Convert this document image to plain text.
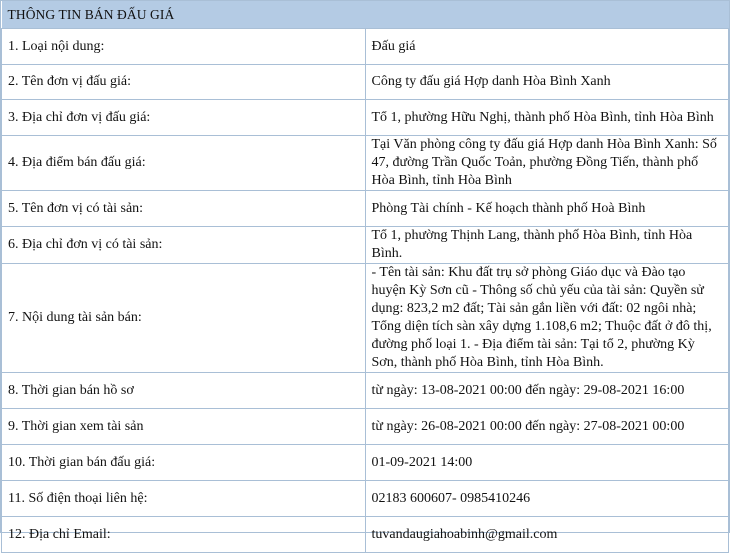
THÔNG TIN BÁN ĐẤU GIÁ	
1. Loại nội dung:	Đấu giá
2. Tên đơn vị đấu giá:	Công ty đấu giá Hợp danh Hòa Bình Xanh
3. Địa chỉ đơn vị đấu giá:	Tổ 1, phường Hữu Nghị, thành phố Hòa Bình, tỉnh Hòa Bình
4. Địa điểm bán đấu giá:	Tại Văn phòng công ty đấu giá Hợp danh Hòa Bình Xanh: Số 47, đường Trần Quốc Toản, phường Đồng Tiến, thành phố Hòa Bình, tỉnh Hòa Bình
5. Tên đơn vị có tài sản:	Phòng Tài chính - Kế hoạch thành phố Hoà Bình
6. Địa chỉ đơn vị có tài sản:	Tổ 1, phường Thịnh Lang, thành phố Hòa Bình, tỉnh Hòa Bình.
7. Nội dung tài sản bán:	- Tên tài sản: Khu đất trụ sở phòng Giáo dục và Đào tạo huyện Kỳ Sơn cũ - Thông số chủ yếu của tài sản: Quyền sử dụng: 823,2 m2 đất; Tài sản gắn liền với đất: 02 ngôi nhà; Tổng diện tích sàn xây dựng 1.108,6 m2; Thuộc đất ở đô thị, đường phố loại 1. - Địa điểm tài sản: Tại tổ 2, phường Kỳ Sơn, thành phố Hòa Bình, tỉnh Hòa Bình.
8. Thời gian bán hồ sơ	từ ngày: 13-08-2021 00:00 đến ngày: 29-08-2021 16:00
9. Thời gian xem tài sản	từ ngày: 26-08-2021 00:00 đến ngày: 27-08-2021 00:00
10. Thời gian bán đấu giá:	01-09-2021 14:00
11. Số điện thoại liên hệ:	02183 600607- 0985410246
12. Địa chỉ Email:	tuvandaugiahoabinh@gmail.com
